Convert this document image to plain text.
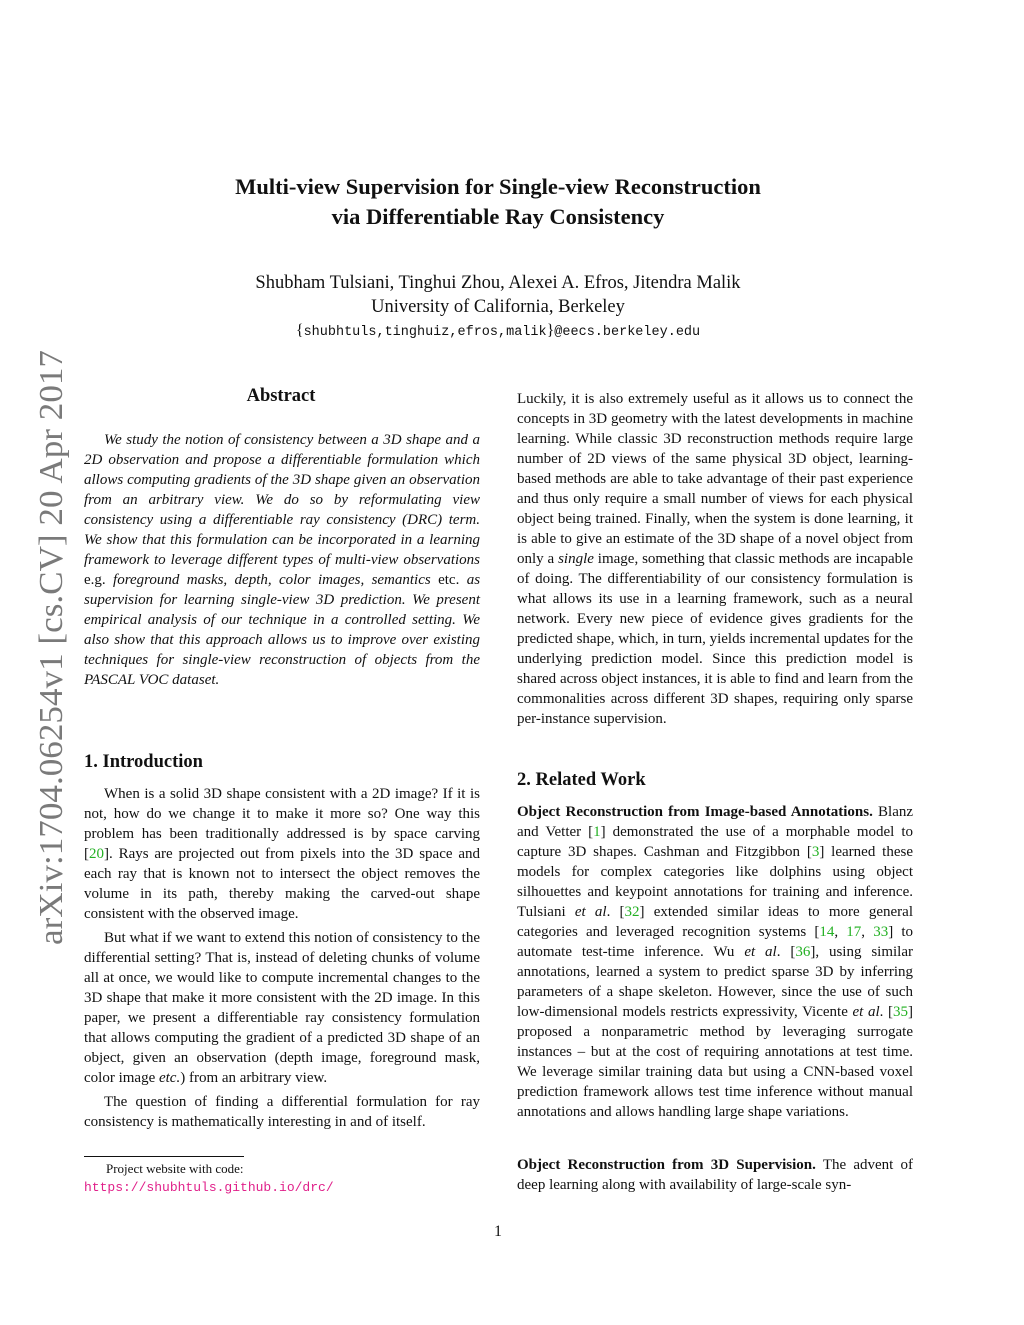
arXiv:1704.06254v1 [cs.CV] 20 Apr 2017
Multi-view Supervision for Single-view Reconstruction
via Differentiable Ray Consistency
Shubham Tulsiani, Tinghui Zhou, Alexei A. Efros, Jitendra Malik
University of California, Berkeley
{shubhtuls,tinghuiz,efros,malik}@eecs.berkeley.edu
Abstract

We study the notion of consistency between a 3D shape and a 2D observation and propose a differentiable formulation which allows computing gradients of the 3D shape given an observation from an arbitrary view. We do so by reformulating view consistency using a differentiable ray consistency (DRC) term. We show that this formulation can be incorporated in a learning framework to leverage different types of multi-view observations e.g. foreground masks, depth, color images, semantics etc. as supervision for learning single-view 3D prediction. We present empirical analysis of our technique in a controlled setting. We also show that this approach allows us to improve over existing techniques for single-view reconstruction of objects from the PASCAL VOC dataset.

1. Introduction

When is a solid 3D shape consistent with a 2D image? If it is not, how do we change it to make it more so? One way this problem has been traditionally addressed is by space carving [20]. Rays are projected out from pixels into the 3D space and each ray that is known not to intersect the object removes the volume in its path, thereby making the carved-out shape consistent with the observed image.

But what if we want to extend this notion of consistency to the differential setting? That is, instead of deleting chunks of volume all at once, we would like to compute incremental changes to the 3D shape that make it more consistent with the 2D image. In this paper, we present a differentiable ray consistency formulation that allows computing the gradient of a predicted 3D shape of an object, given an observation (depth image, foreground mask, color image etc.) from an arbitrary view.

The question of finding a differential formulation for ray consistency is mathematically interesting in and of itself.

Project website with code: https://shubhtuls.github.io/drc/

Luckily, it is also extremely useful as it allows us to connect the concepts in 3D geometry with the latest developments in machine learning. While classic 3D reconstruction methods require large number of 2D views of the same physical 3D object, learning-based methods are able to take advantage of their past experience and thus only require a small number of views for each physical object being trained. Finally, when the system is done learning, it is able to give an estimate of the 3D shape of a novel object from only a single image, something that classic methods are incapable of doing. The differentiability of our consistency formulation is what allows its use in a learning framework, such as a neural network. Every new piece of evidence gives gradients for the predicted shape, which, in turn, yields incremental updates for the underlying prediction model. Since this prediction model is shared across object instances, it is able to find and learn from the commonalities across different 3D shapes, requiring only sparse per-instance supervision.

2. Related Work

Object Reconstruction from Image-based Annotations. Blanz and Vetter [1] demonstrated the use of a morphable model to capture 3D shapes. Cashman and Fitzgibbon [3] learned these models for complex categories like dolphins using object silhouettes and keypoint annotations for training and inference. Tulsiani et al. [32] extended similar ideas to more general categories and leveraged recognition systems [14, 17, 33] to automate test-time inference. Wu et al. [36], using similar annotations, learned a system to predict sparse 3D by inferring parameters of a shape skeleton. However, since the use of such low-dimensional models restricts expressivity, Vicente et al. [35] proposed a nonparametric method by leveraging surrogate instances – but at the cost of requiring annotations at test time. We leverage similar training data but using a CNN-based voxel prediction framework allows test time inference without manual annotations and allows handling large shape variations.

Object Reconstruction from 3D Supervision. The advent of deep learning along with availability of large-scale syn-

1
